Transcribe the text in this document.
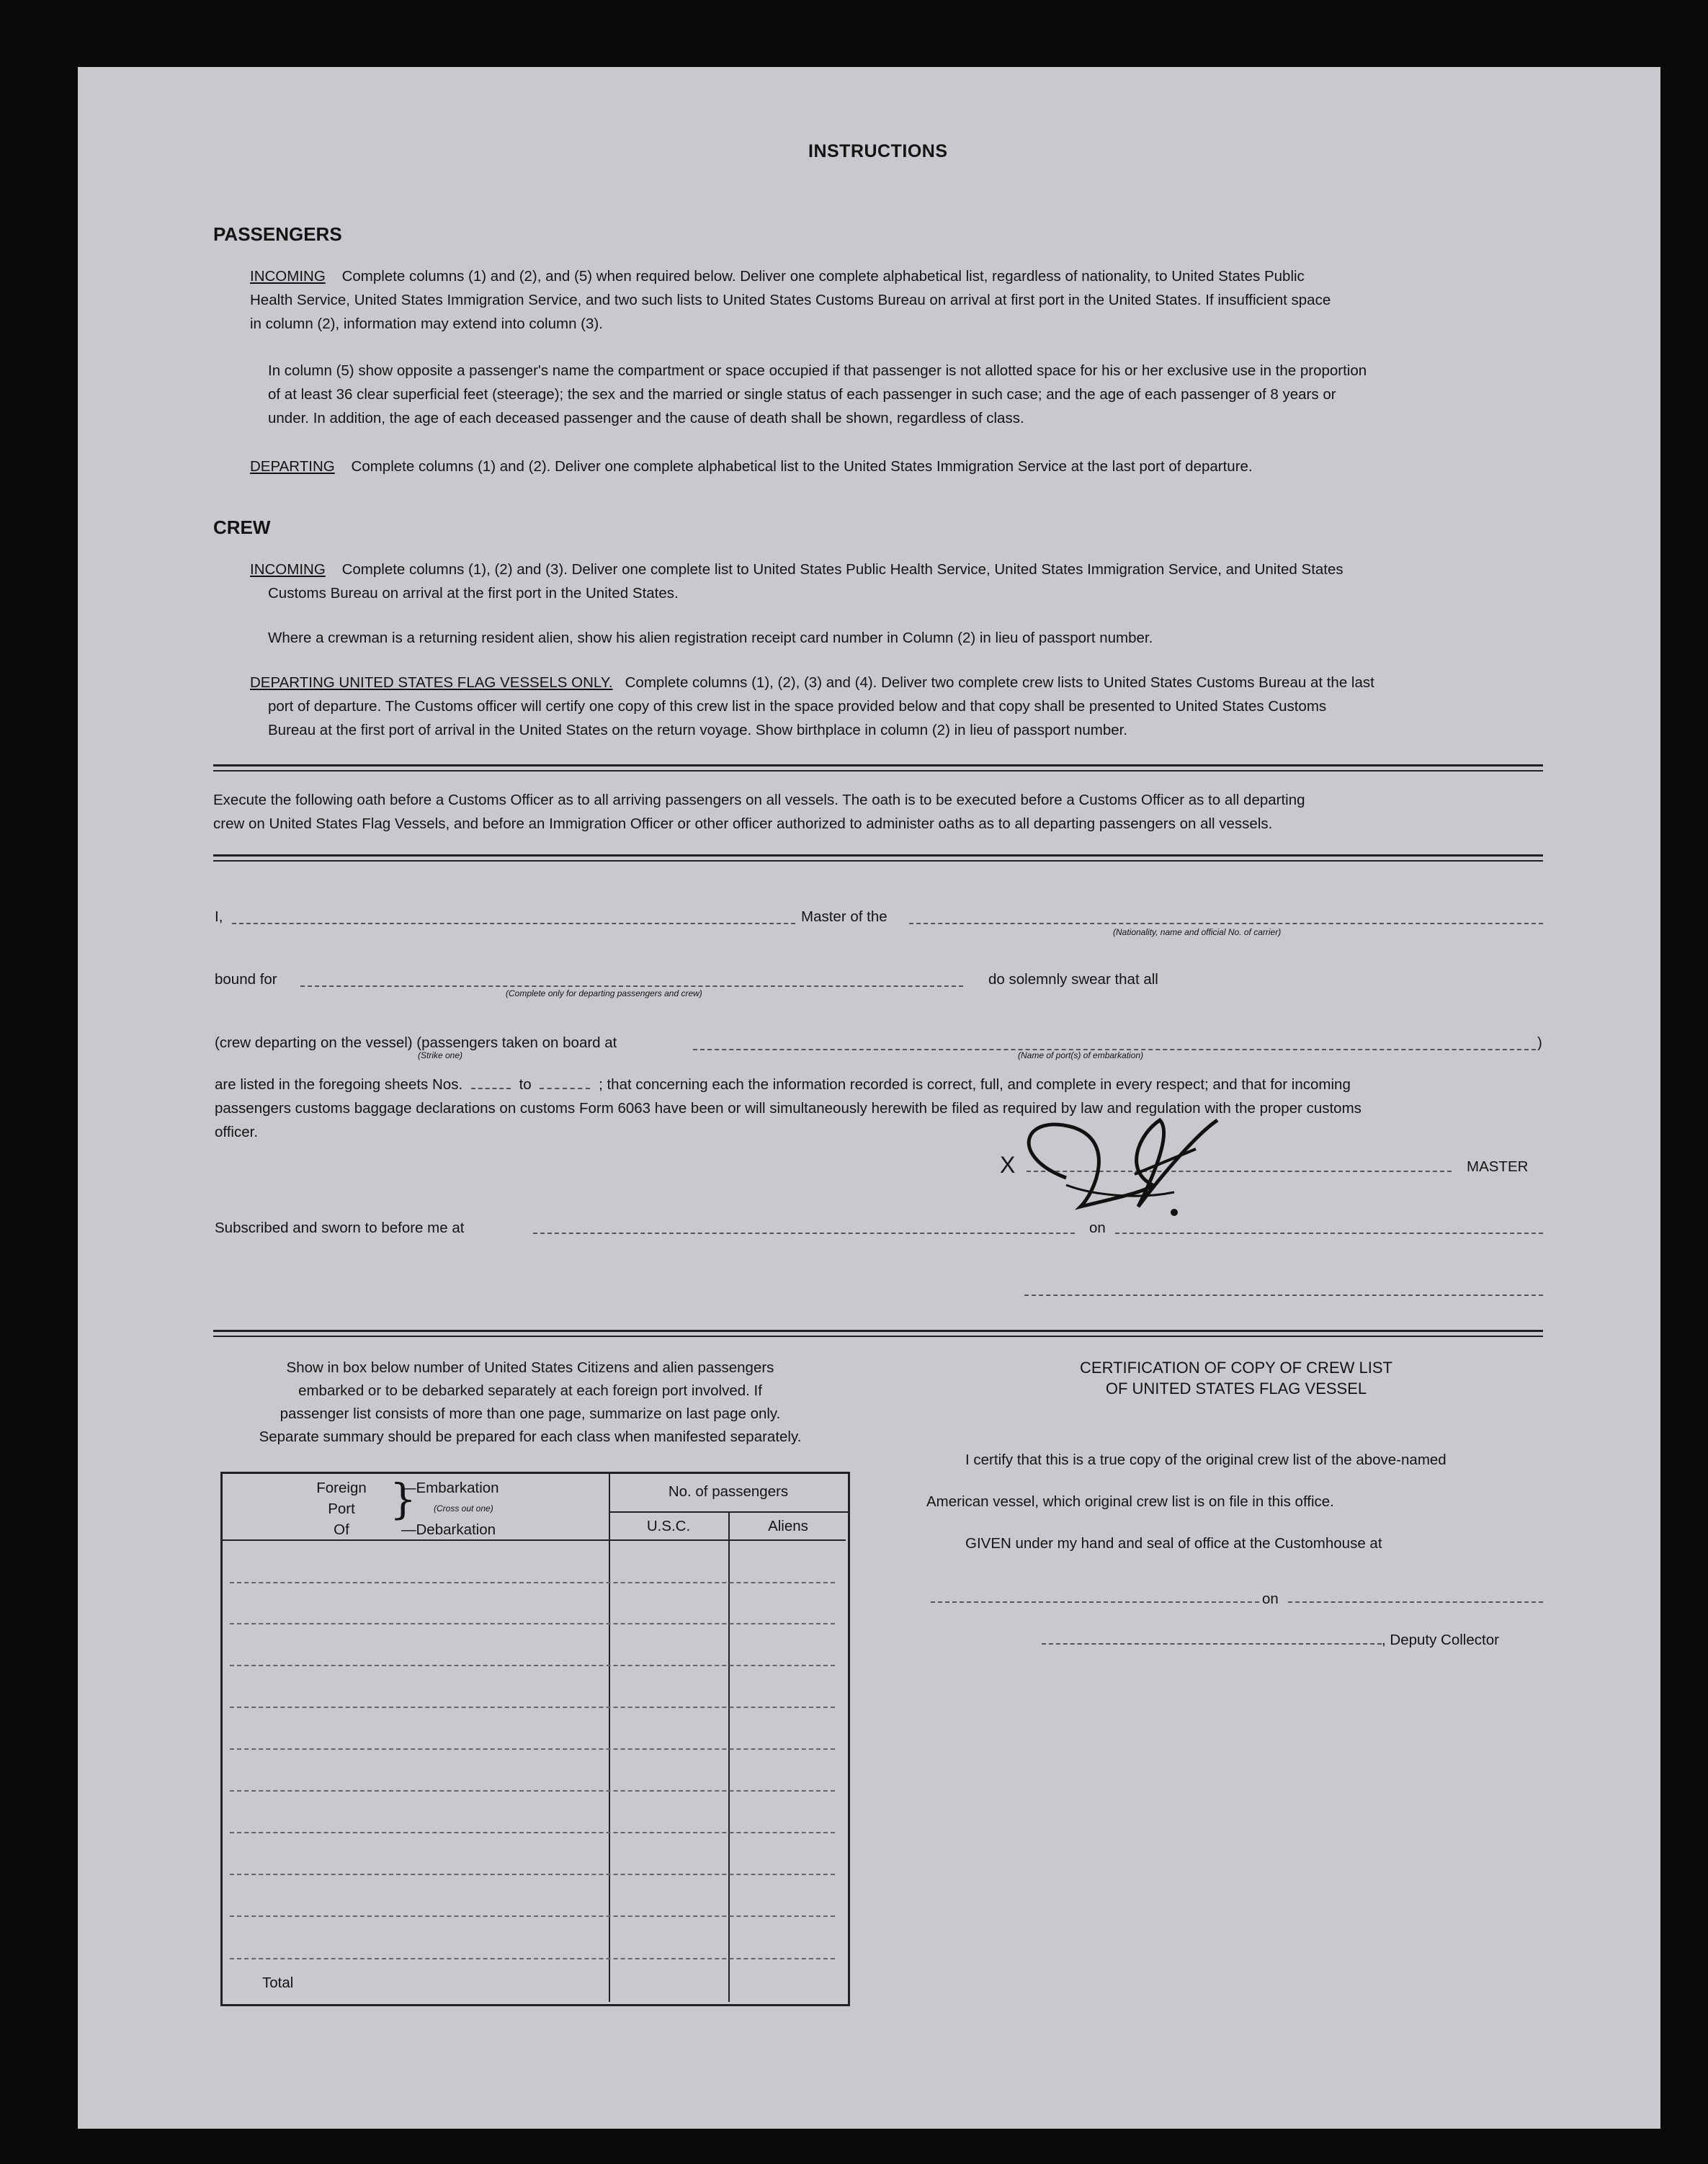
INSTRUCTIONS
PASSENGERS
INCOMING Complete columns (1) and (2), and (5) when required below. Deliver one complete alphabetical list, regardless of nationality, to United States Public
Health Service, United States Immigration Service, and two such lists to United States Customs Bureau on arrival at first port in the United States. If insufficient space
in column (2), information may extend into column (3).
In column (5) show opposite a passenger's name the compartment or space occupied if that passenger is not allotted space for his or her exclusive use in the proportion
of at least 36 clear superficial feet (steerage); the sex and the married or single status of each passenger in such case; and the age of each passenger of 8 years or
under. In addition, the age of each deceased passenger and the cause of death shall be shown, regardless of class.
DEPARTING Complete columns (1) and (2). Deliver one complete alphabetical list to the United States Immigration Service at the last port of departure.
CREW
INCOMING Complete columns (1), (2) and (3). Deliver one complete list to United States Public Health Service, United States Immigration Service, and United States
Customs Bureau on arrival at the first port in the United States.
Where a crewman is a returning resident alien, show his alien registration receipt card number in Column (2) in lieu of passport number.
DEPARTING UNITED STATES FLAG VESSELS ONLY. Complete columns (1), (2), (3) and (4). Deliver two complete crew lists to United States Customs Bureau at the last
port of departure. The Customs officer will certify one copy of this crew list in the space provided below and that copy shall be presented to United States Customs
Bureau at the first port of arrival in the United States on the return voyage. Show birthplace in column (2) in lieu of passport number.
Execute the following oath before a Customs Officer as to all arriving passengers on all vessels. The oath is to be executed before a Customs Officer as to all departing
crew on United States Flag Vessels, and before an Immigration Officer or other officer authorized to administer oaths as to all departing passengers on all vessels.
I,	Master of the
(Nationality, name and official No. of carrier)
bound for
(Complete only for departing passengers and crew)
do solemnly swear that all
(crew departing on the vessel) (passengers taken on board at	)
(Strike one)	(Name of port(s) of embarkation)
are listed in the foregoing sheets Nos.	to	; that concerning each the information recorded is correct, full, and complete in every respect; and that for incoming
passengers customs baggage declarations on customs Form 6063 have been or will simultaneously herewith be filed as required by law and regulation with the proper customs
officer.
X	MASTER
Subscribed and sworn to before me at	on
Show in box below number of United States Citizens and alien passengers
embarked or to be debarked separately at each foreign port involved. If
passenger list consists of more than one page, summarize on last page only.
Separate summary should be prepared for each class when manifested separately.
Foreign
Port
Of
}
—Embarkation
(Cross out one)
—Debarkation
No. of passengers
U.S.C.	Aliens
Total
CERTIFICATION OF COPY OF CREW LIST
OF UNITED STATES FLAG VESSEL
I certify that this is a true copy of the original crew list of the above-named
American vessel, which original crew list is on file in this office.
GIVEN under my hand and seal of office at the Customhouse at
on
, Deputy Collector
